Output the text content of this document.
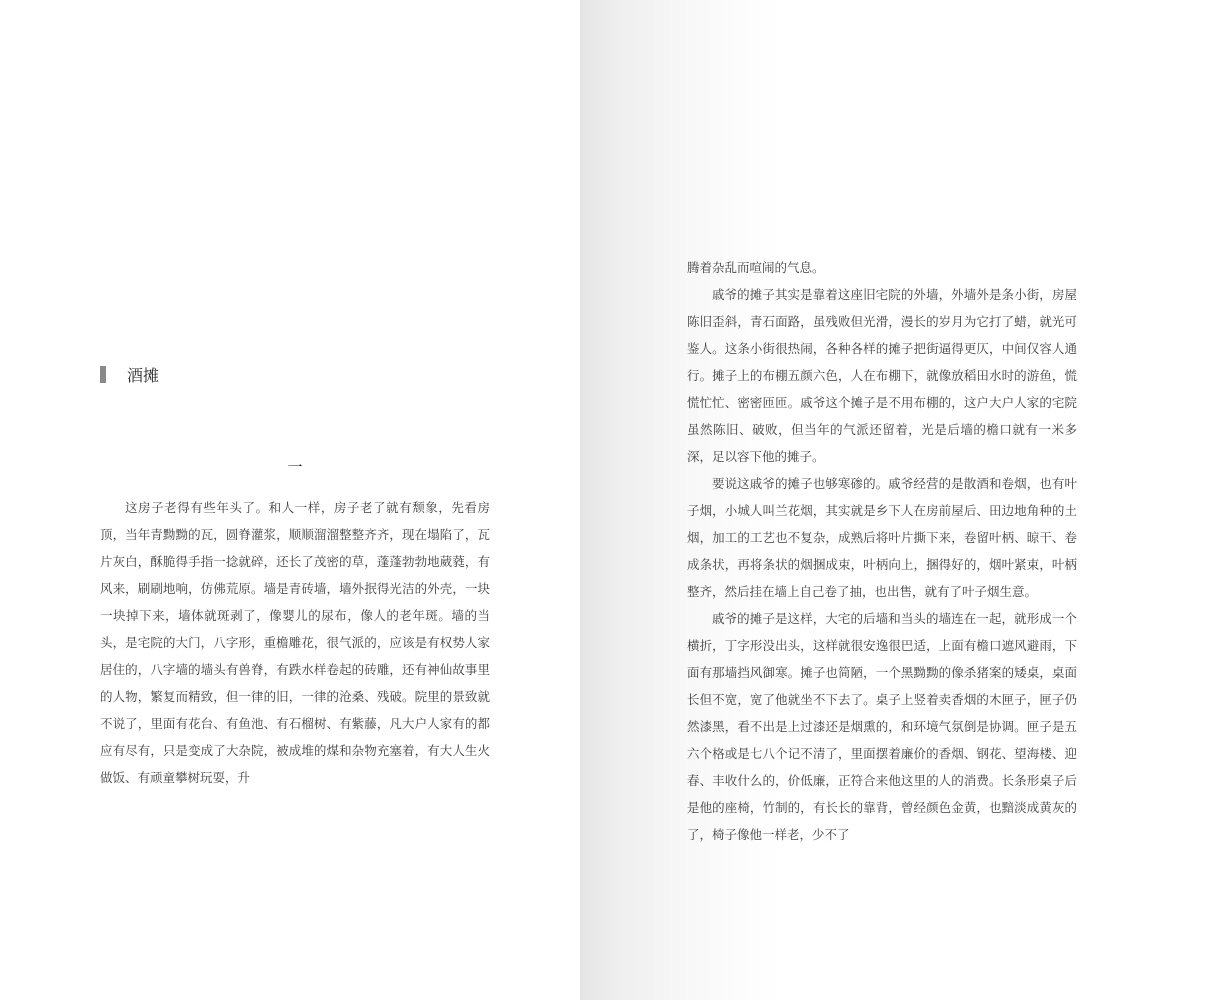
酒摊
一

这房子老得有些年头了。和人一样，房子老了就有颓象，先看房顶，当年青黝黝的瓦，圆脊灌浆，顺顺溜溜整整齐齐，现在塌陷了，瓦片灰白，酥脆得手指一捻就碎，还长了茂密的草，蓬蓬勃勃地葳蕤，有风来，刷刷地响，仿佛荒原。墙是青砖墙，墙外抿得光洁的外壳，一块一块掉下来，墙体就斑剥了，像婴儿的尿布，像人的老年斑。墙的当头，是宅院的大门，八字形，重檐雕花，很气派的，应该是有权势人家居住的，八字墙的墙头有兽脊，有跌水样卷起的砖雕，还有神仙故事里的人物，繁复而精致，但一律的旧，一律的沧桑、残破。院里的景致就不说了，里面有花台、有鱼池、有石榴树、有紫藤，凡大户人家有的都应有尽有，只是变成了大杂院，被成堆的煤和杂物充塞着，有大人生火做饭、有顽童攀树玩耍，升

腾着杂乱而喧闹的气息。

戚爷的摊子其实是靠着这座旧宅院的外墙，外墙外是条小街，房屋陈旧歪斜，青石面路，虽残败但光滑，漫长的岁月为它打了蜡，就光可鉴人。这条小街很热闹，各种各样的摊子把街逼得更仄，中间仅容人通行。摊子上的布棚五颜六色，人在布棚下，就像放稻田水时的游鱼，慌慌忙忙、密密匝匝。戚爷这个摊子是不用布棚的，这户大户人家的宅院虽然陈旧、破败，但当年的气派还留着，光是后墙的檐口就有一米多深，足以容下他的摊子。

要说这戚爷的摊子也够寒碜的。戚爷经营的是散酒和卷烟，也有叶子烟，小城人叫兰花烟，其实就是乡下人在房前屋后、田边地角种的土烟，加工的工艺也不复杂，成熟后将叶片撕下来，卷留叶柄、晾干、卷成条状，再将条状的烟捆成束，叶柄向上，捆得好的，烟叶紧束，叶柄整齐，然后挂在墙上自己卷了抽，也出售，就有了叶子烟生意。

戚爷的摊子是这样，大宅的后墙和当头的墙连在一起，就形成一个横折，丁字形没出头，这样就很安逸很巴适，上面有檐口遮风避雨，下面有那墙挡风御寒。摊子也简陋，一个黑黝黝的像杀猪案的矮桌，桌面长但不宽，宽了他就坐不下去了。桌子上竖着卖香烟的木匣子，匣子仍然漆黑，看不出是上过漆还是烟熏的，和环境气氛倒是协调。匣子是五六个格或是七八个记不清了，里面摆着廉价的香烟、钢花、望海楼、迎春、丰收什么的，价低廉，正符合来他这里的人的消费。长条形桌子后是他的座椅，竹制的，有长长的靠背，曾经颜色金黄，也黯淡成黄灰的了，椅子像他一样老，少不了
